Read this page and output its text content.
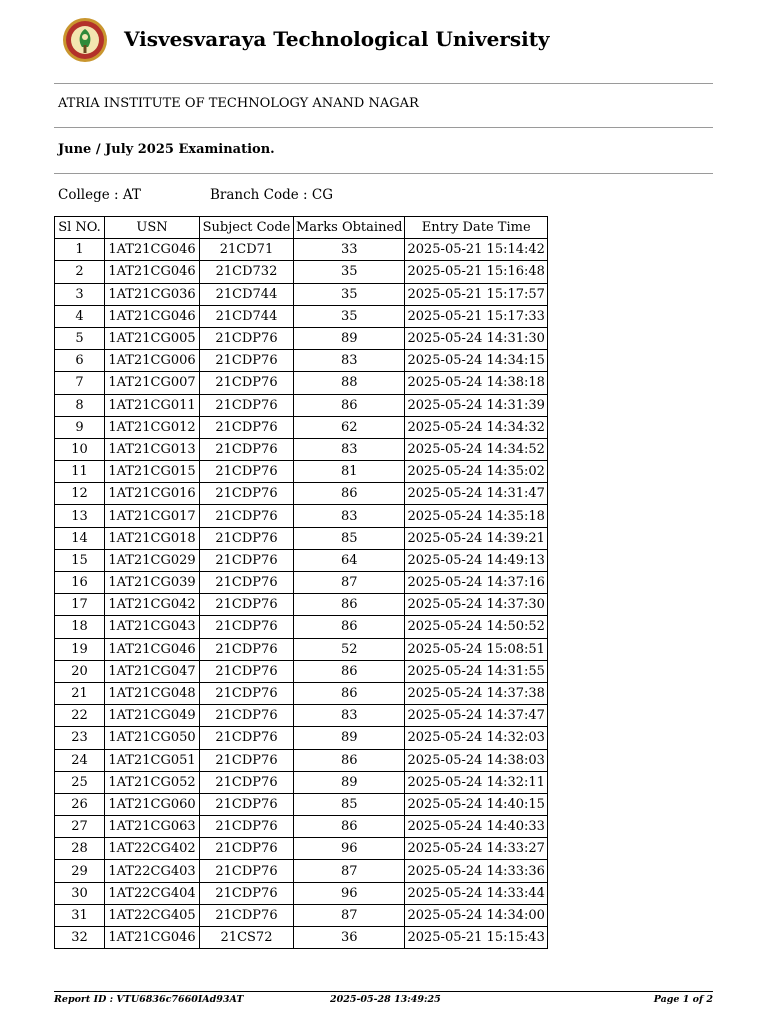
Visvesvaraya Technological University
ATRIA INSTITUTE OF TECHNOLOGY ANAND NAGAR
June / July 2025 Examination.
College : AT	Branch Code : CG
Sl NO.	USN	Subject Code	Marks Obtained	Entry Date Time
1	1AT21CG046	21CD71	33	2025-05-21 15:14:42
2	1AT21CG046	21CD732	35	2025-05-21 15:16:48
3	1AT21CG036	21CD744	35	2025-05-21 15:17:57
4	1AT21CG046	21CD744	35	2025-05-21 15:17:33
5	1AT21CG005	21CDP76	89	2025-05-24 14:31:30
6	1AT21CG006	21CDP76	83	2025-05-24 14:34:15
7	1AT21CG007	21CDP76	88	2025-05-24 14:38:18
8	1AT21CG011	21CDP76	86	2025-05-24 14:31:39
9	1AT21CG012	21CDP76	62	2025-05-24 14:34:32
10	1AT21CG013	21CDP76	83	2025-05-24 14:34:52
11	1AT21CG015	21CDP76	81	2025-05-24 14:35:02
12	1AT21CG016	21CDP76	86	2025-05-24 14:31:47
13	1AT21CG017	21CDP76	83	2025-05-24 14:35:18
14	1AT21CG018	21CDP76	85	2025-05-24 14:39:21
15	1AT21CG029	21CDP76	64	2025-05-24 14:49:13
16	1AT21CG039	21CDP76	87	2025-05-24 14:37:16
17	1AT21CG042	21CDP76	86	2025-05-24 14:37:30
18	1AT21CG043	21CDP76	86	2025-05-24 14:50:52
19	1AT21CG046	21CDP76	52	2025-05-24 15:08:51
20	1AT21CG047	21CDP76	86	2025-05-24 14:31:55
21	1AT21CG048	21CDP76	86	2025-05-24 14:37:38
22	1AT21CG049	21CDP76	83	2025-05-24 14:37:47
23	1AT21CG050	21CDP76	89	2025-05-24 14:32:03
24	1AT21CG051	21CDP76	86	2025-05-24 14:38:03
25	1AT21CG052	21CDP76	89	2025-05-24 14:32:11
26	1AT21CG060	21CDP76	85	2025-05-24 14:40:15
27	1AT21CG063	21CDP76	86	2025-05-24 14:40:33
28	1AT22CG402	21CDP76	96	2025-05-24 14:33:27
29	1AT22CG403	21CDP76	87	2025-05-24 14:33:36
30	1AT22CG404	21CDP76	96	2025-05-24 14:33:44
31	1AT22CG405	21CDP76	87	2025-05-24 14:34:00
32	1AT21CG046	21CS72	36	2025-05-21 15:15:43
Report ID : VTU6836c7660IAd93AT	2025-05-28 13:49:25	Page 1 of 2
